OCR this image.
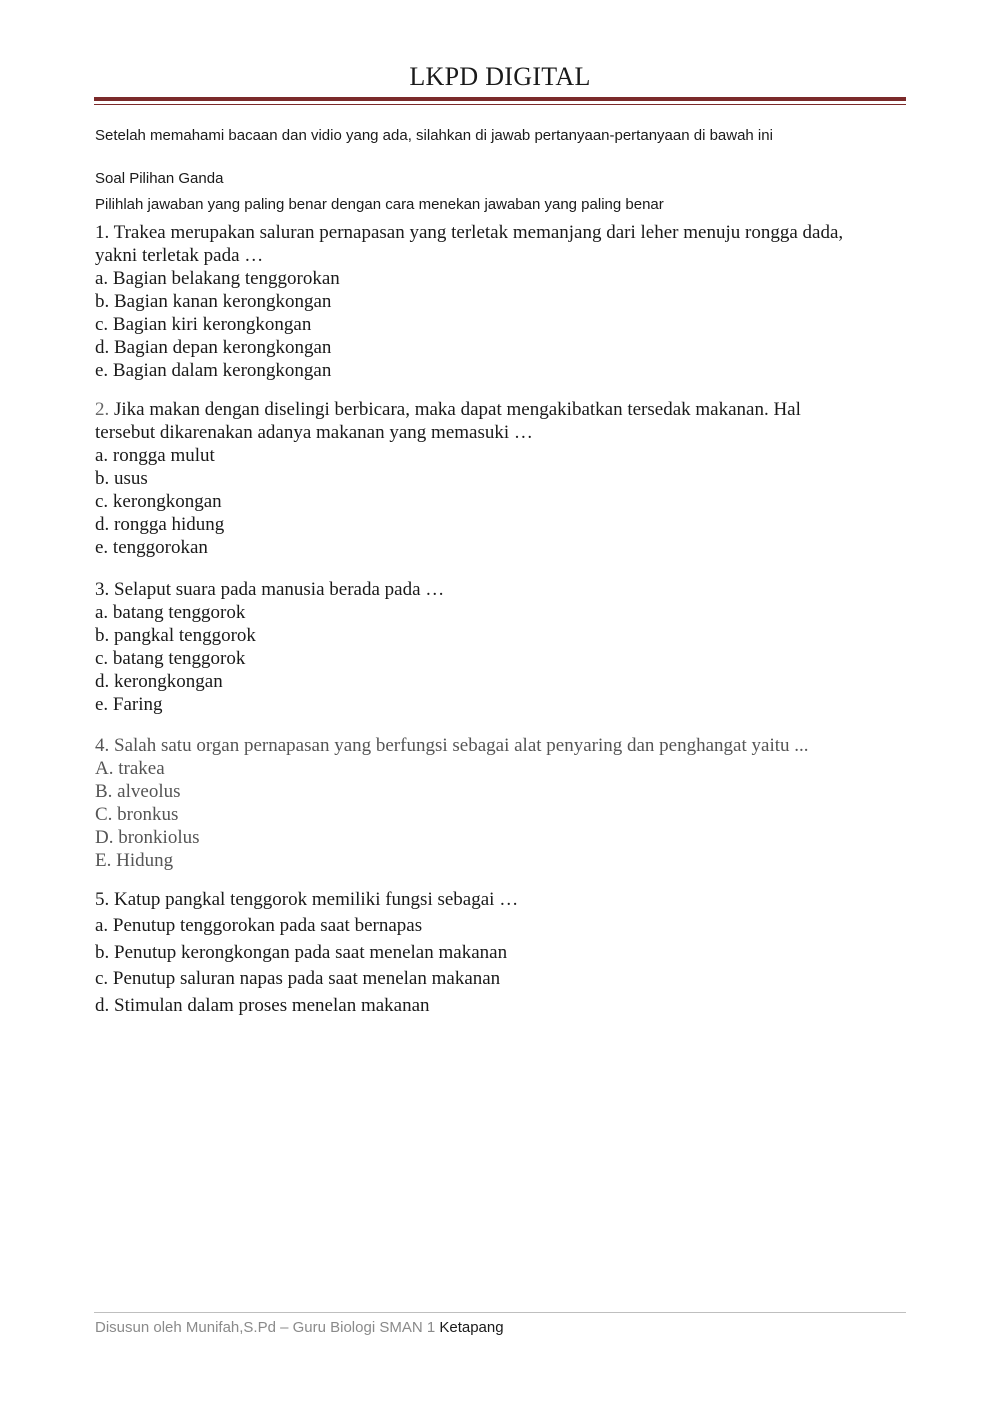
LKPD DIGITAL
Setelah memahami bacaan dan vidio yang ada, silahkan di jawab pertanyaan-pertanyaan di bawah ini
Soal Pilihan Ganda
Pilihlah jawaban yang paling benar dengan cara menekan jawaban yang paling benar

1. Trakea merupakan saluran pernapasan yang terletak memanjang dari leher menuju rongga dada,
yakni terletak pada …

a. Bagian belakang tenggorokan

b. Bagian kanan kerongkongan

c. Bagian kiri kerongkongan

d. Bagian depan kerongkongan

e. Bagian dalam kerongkongan

2. Jika makan dengan diselingi berbicara, maka dapat mengakibatkan tersedak makanan. Hal
tersebut dikarenakan adanya makanan yang memasuki …

a. rongga mulut

b. usus

c. kerongkongan

d. rongga hidung

e. tenggorokan

3. Selaput suara pada manusia berada pada …

a. batang tenggorok

b. pangkal tenggorok

c. batang tenggorok

d. kerongkongan

e. Faring

4. Salah satu organ pernapasan yang berfungsi sebagai alat penyaring dan penghangat yaitu ...

A. trakea

B. alveolus

C. bronkus

D. bronkiolus

E. Hidung

5. Katup pangkal tenggorok memiliki fungsi sebagai …

a. Penutup tenggorokan pada saat bernapas

b. Penutup kerongkongan pada saat menelan makanan

c. Penutup saluran napas pada saat menelan makanan

d. Stimulan dalam proses menelan makanan

Disusun oleh Munifah,S.Pd – Guru Biologi SMAN 1 Ketapang
